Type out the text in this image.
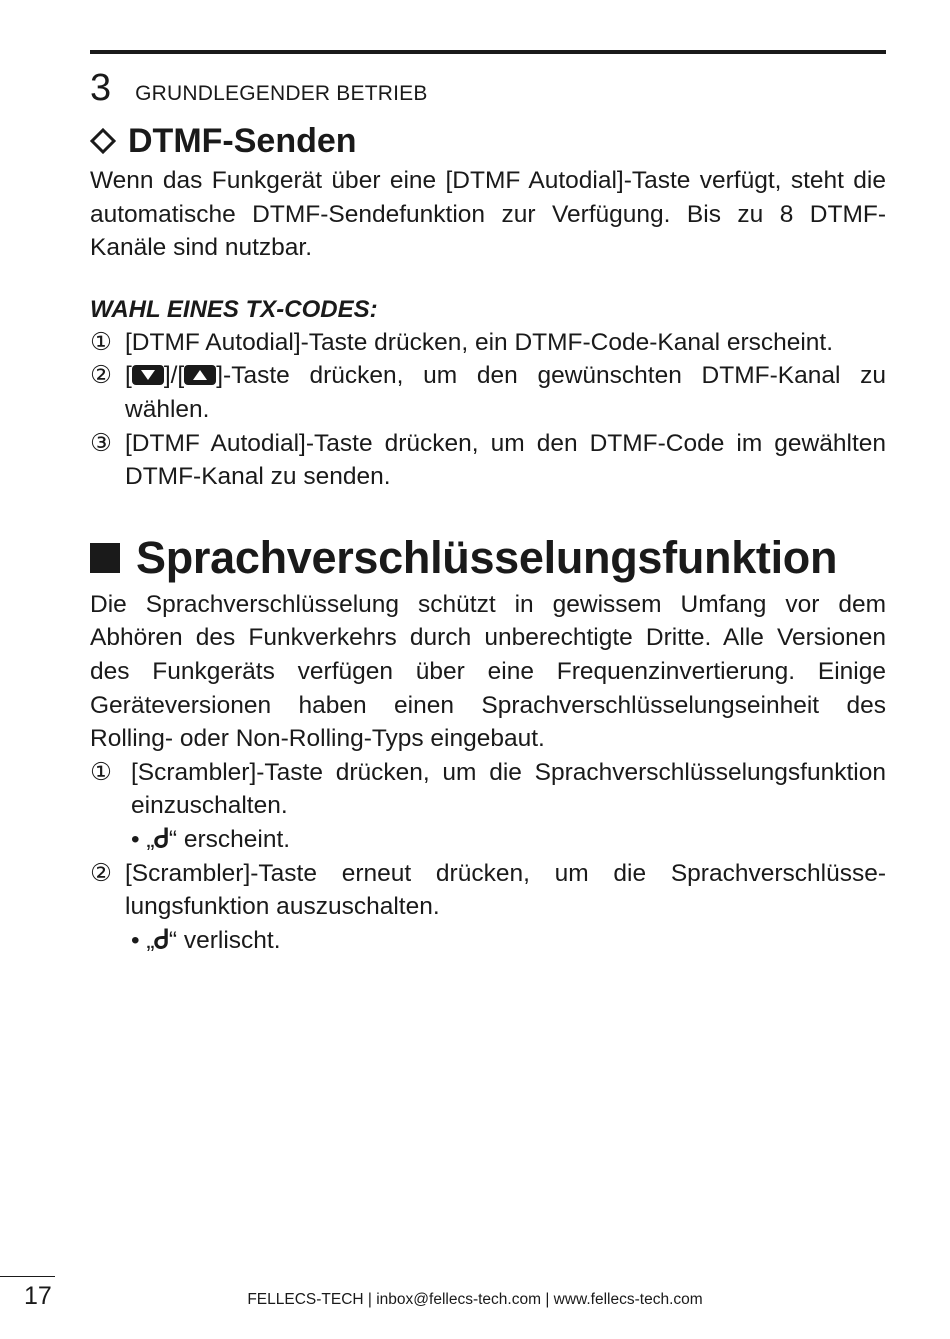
3 GRUNDLEGENDER BETRIEB
DTMF-Senden

Wenn das Funkgerät über eine [DTMF Autodial]-Taste verfügt, steht die automatische DTMF-Sendefunktion zur Verfügung. Bis zu 8 DTMF-Kanäle sind nutzbar.

WAHL EINES TX-CODES:
① [DTMF Autodial]-Taste drücken, ein DTMF-Code-Kanal erscheint.
② [ ]/[ ]-Taste drücken, um den gewünschten DTMF-Kanal zu wählen.
③ [DTMF Autodial]-Taste drücken, um den DTMF-Code im gewählten DTMF-Kanal zu senden.
Sprachverschlüsselungsfunktion

Die Sprachverschlüsselung schützt in gewissem Umfang vor dem Abhören des Funkverkehrs durch unberechtigte Dritte. Alle Versionen des Funkgeräts verfügen über eine Frequenzinvertierung. Einige Geräteversionen haben einen Sprachverschlüsselungseinheit des Rolling- oder Non-Rolling-Typs eingebaut.

① [Scrambler]-Taste drücken, um die Sprachverschlüsselungsfunktion einzuschalten.
• „Ꮷ“ erscheint.
② [Scrambler]-Taste erneut drücken, um die Sprachverschlüsselungsfunktion auszuschalten.
• „Ꮷ“ verlischt.
17	FELLECS-TECH | inbox@fellecs-tech.com | www.fellecs-tech.com
